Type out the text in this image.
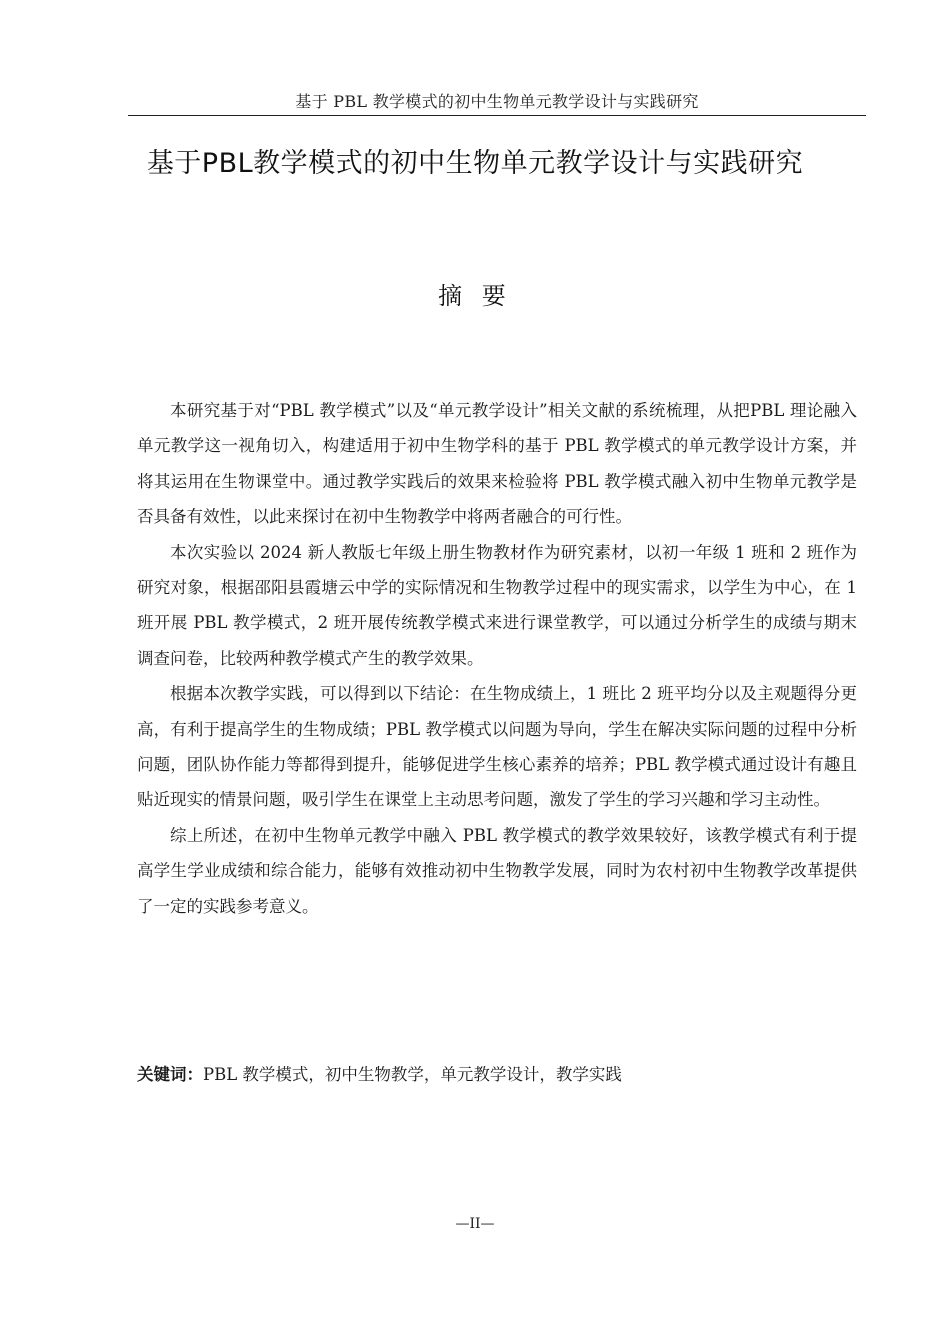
基于 PBL 教学模式的初中生物单元教学设计与实践研究
基于PBL教学模式的初中生物单元教学设计与实践研究
摘 要

本研究基于对“PBL 教学模式”以及“单元教学设计”相关文献的系统梳理，从把PBL 理论融入单元教学这一视角切入，构建适用于初中生物学科的基于 PBL 教学模式的单元教学设计方案，并将其运用在生物课堂中。通过教学实践后的效果来检验将 PBL 教学模式融入初中生物单元教学是否具备有效性，以此来探讨在初中生物教学中将两者融合的可行性。

本次实验以 2024 新人教版七年级上册生物教材作为研究素材，以初一年级 1 班和 2 班作为研究对象，根据邵阳县霞塘云中学的实际情况和生物教学过程中的现实需求，以学生为中心，在 1 班开展 PBL 教学模式，2 班开展传统教学模式来进行课堂教学，可以通过分析学生的成绩与期末调查问卷，比较两种教学模式产生的教学效果。

根据本次教学实践，可以得到以下结论：在生物成绩上，1 班比 2 班平均分以及主观题得分更高，有利于提高学生的生物成绩；PBL 教学模式以问题为导向，学生在解决实际问题的过程中分析问题，团队协作能力等都得到提升，能够促进学生核心素养的培养；PBL 教学模式通过设计有趣且贴近现实的情景问题，吸引学生在课堂上主动思考问题，激发了学生的学习兴趣和学习主动性。

综上所述，在初中生物单元教学中融入 PBL 教学模式的教学效果较好，该教学模式有利于提高学生学业成绩和综合能力，能够有效推动初中生物教学发展，同时为农村初中生物教学改革提供了一定的实践参考意义。

关键词：PBL 教学模式，初中生物教学，单元教学设计，教学实践
—II—
